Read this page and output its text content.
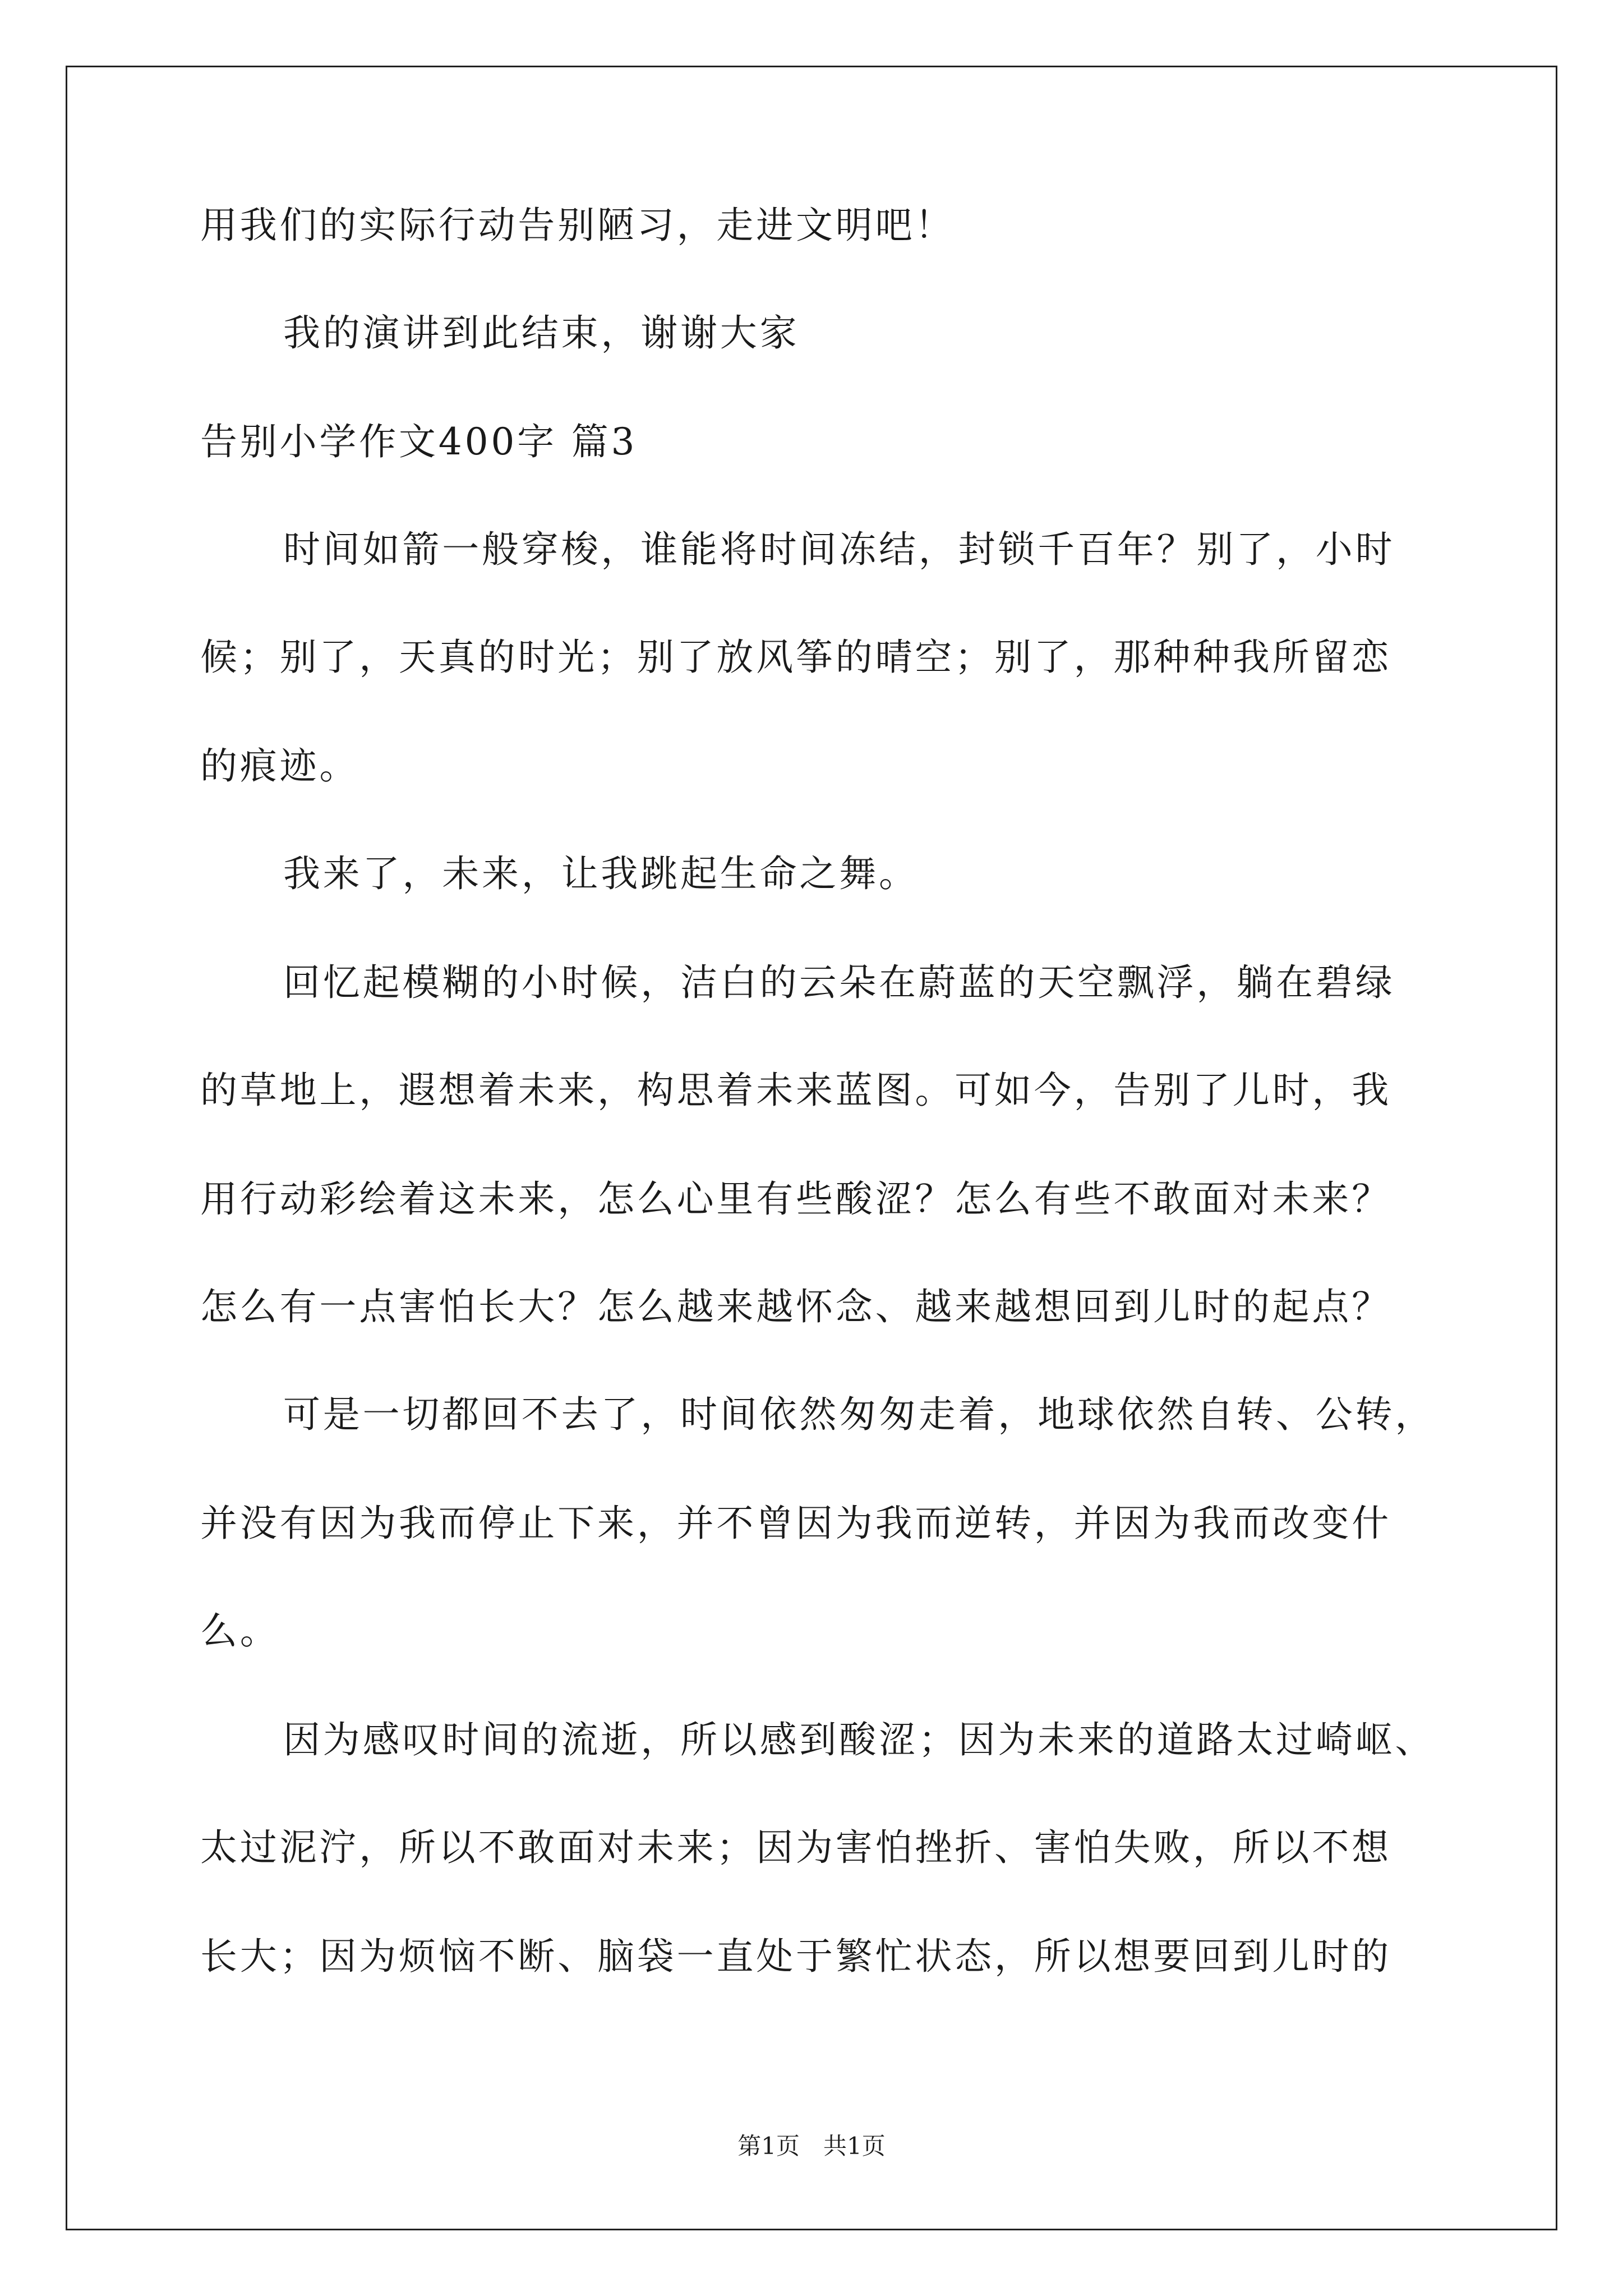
用我们的实际行动告别陋习，走进文明吧！
我的演讲到此结束，谢谢大家
告别小学作文400字 篇3
时间如箭一般穿梭，谁能将时间冻结，封锁千百年？别了，小时
候；别了，天真的时光；别了放风筝的晴空；别了，那种种我所留恋
的痕迹。
我来了，未来，让我跳起生命之舞。
回忆起模糊的小时候，洁白的云朵在蔚蓝的天空飘浮，躺在碧绿
的草地上，遐想着未来，构思着未来蓝图。可如今，告别了儿时，我
用行动彩绘着这未来，怎么心里有些酸涩？怎么有些不敢面对未来？
怎么有一点害怕长大？怎么越来越怀念、越来越想回到儿时的起点？
可是一切都回不去了，时间依然匆匆走着，地球依然自转、公转，
并没有因为我而停止下来，并不曾因为我而逆转，并因为我而改变什
么。
因为感叹时间的流逝，所以感到酸涩；因为未来的道路太过崎岖、
太过泥泞，所以不敢面对未来；因为害怕挫折、害怕失败，所以不想
长大；因为烦恼不断、脑袋一直处于繁忙状态，所以想要回到儿时的
第1页 共1页
